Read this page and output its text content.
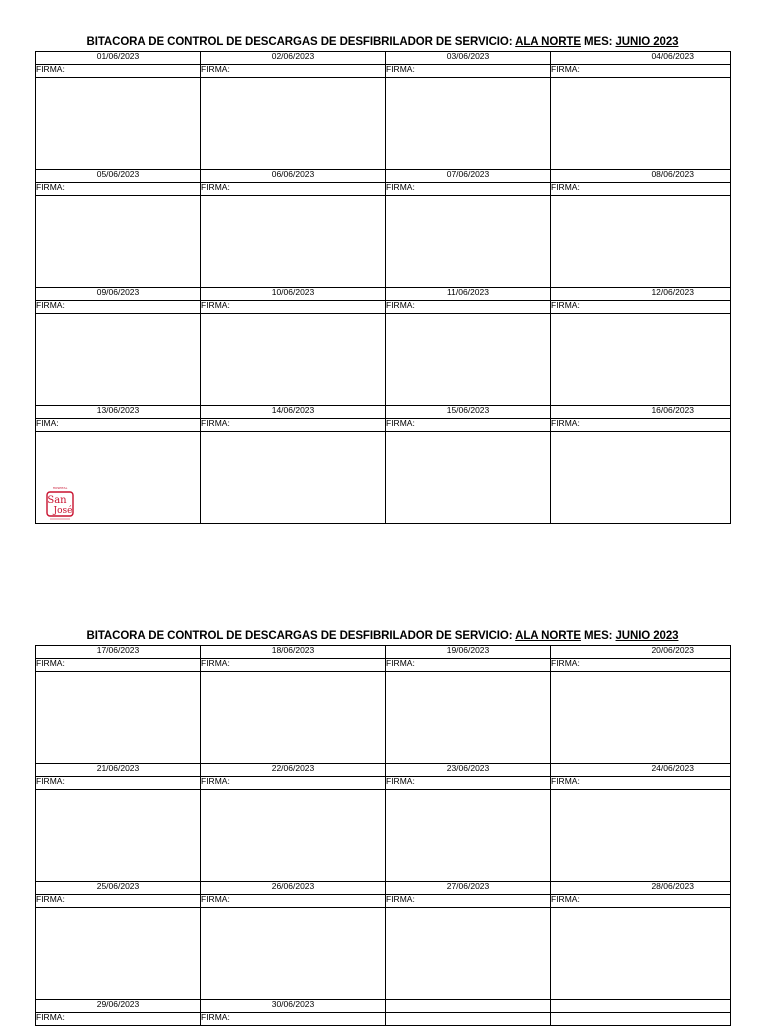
BITACORA DE CONTROL DE DESCARGAS DE DESFIBRILADOR DE SERVICIO: ALA NORTE MES: JUNIO 2023
01/06/2023	02/06/2023	03/06/2023	04/06/2023
FIRMA:	FIRMA:	FIRMA:	FIRMA:

05/06/2023	06/06/2023	07/06/2023	08/06/2023
FIRMA:	FIRMA:	FIRMA:	FIRMA:

09/06/2023	10/06/2023	11/06/2023	12/06/2023
FIRMA:	FIRMA:	FIRMA:	FIRMA:

13/06/2023	14/06/2023	15/06/2023	16/06/2023
FIMA:	FIRMA:	FIRMA:	FIRMA:

HOSPITAL
San
José			

BITACORA DE CONTROL DE DESCARGAS DE DESFIBRILADOR DE SERVICIO: ALA NORTE MES: JUNIO 2023
17/06/2023	18/06/2023	19/06/2023	20/06/2023
FIRMA:	FIRMA:	FIRMA:	FIRMA:

21/06/2023	22/06/2023	23/06/2023	24/06/2023
FIRMA:	FIRMA:	FIRMA:	FIRMA:

25/06/2023	26/06/2023	27/06/2023	28/06/2023
FIRMA:	FIRMA:	FIRMA:	FIRMA:

29/06/2023	30/06/2023		
FIRMA:	FIRMA:		
